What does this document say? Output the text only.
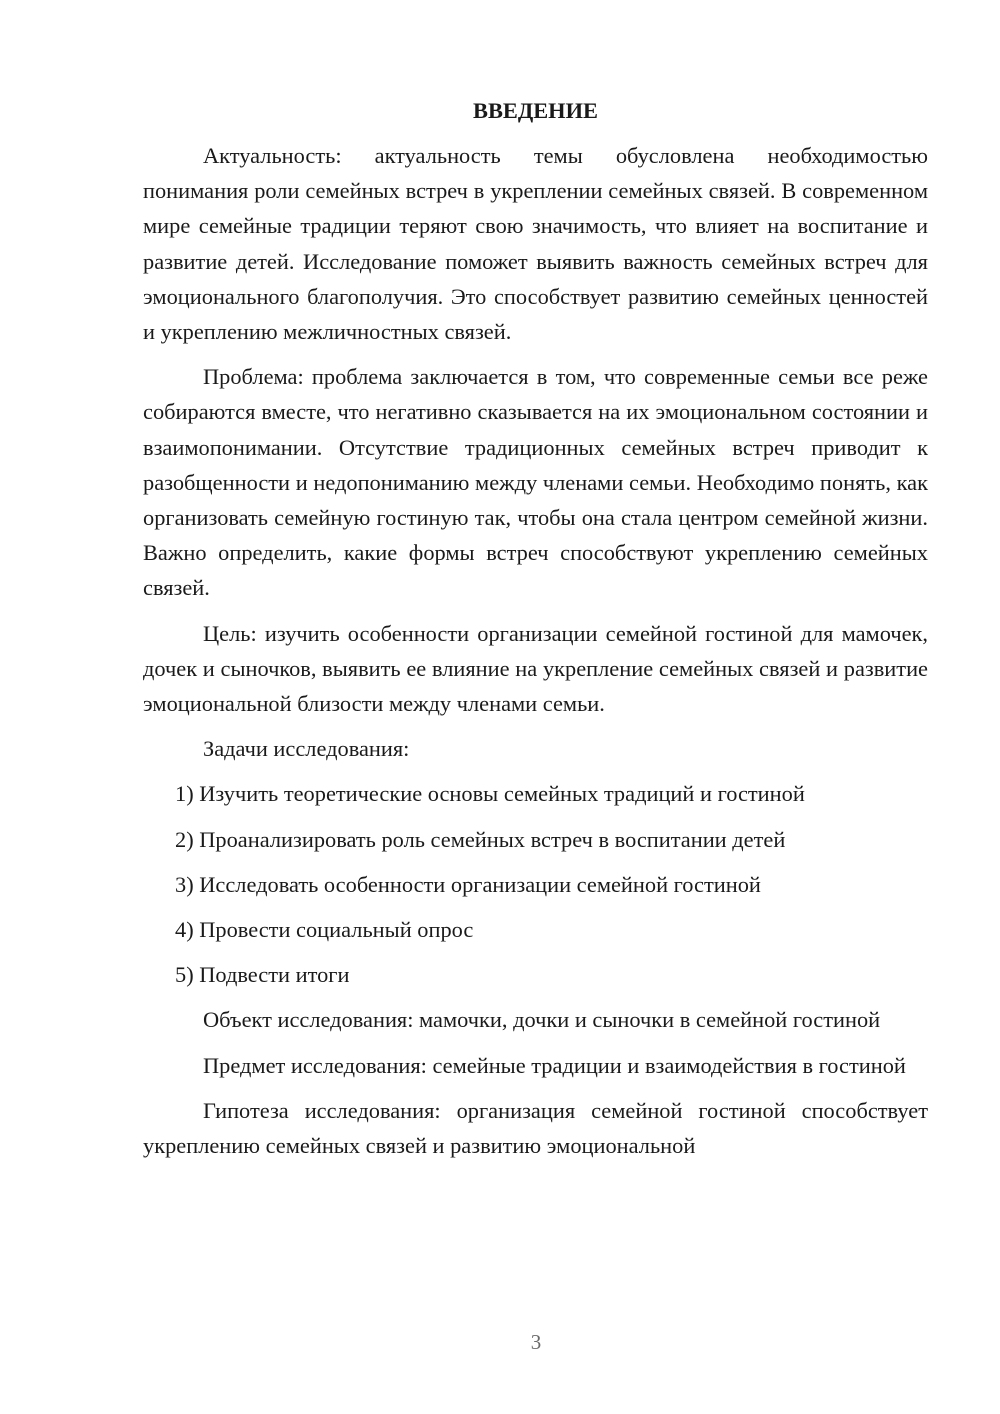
ВВЕДЕНИЕ

Актуальность: актуальность темы обусловлена необходимостью понимания роли семейных встреч в укреплении семейных связей. В современном мире семейные традиции теряют свою значимость, что влияет на воспитание и развитие детей. Исследование поможет выявить важность семейных встреч для эмоционального благополучия. Это способствует развитию семейных ценностей и укреплению межличностных связей.

Проблема: проблема заключается в том, что современные семьи все реже собираются вместе, что негативно сказывается на их эмоциональном состоянии и взаимопонимании. Отсутствие традиционных семейных встреч приводит к разобщенности и недопониманию между членами семьи. Необходимо понять, как организовать семейную гостиную так, чтобы она стала центром семейной жизни. Важно определить, какие формы встреч способствуют укреплению семейных связей.

Цель: изучить особенности организации семейной гостиной для мамочек, дочек и сыночков, выявить ее влияние на укрепление семейных связей и развитие эмоциональной близости между членами семьи.

Задачи исследования:

1) Изучить теоретические основы семейных традиций и гостиной
2) Проанализировать роль семейных встреч в воспитании детей
3) Исследовать особенности организации семейной гостиной
4) Провести социальный опрос
5) Подвести итоги

Объект исследования: мамочки, дочки и сыночки в семейной гостиной

Предмет исследования: семейные традиции и взаимодействия в гостиной

Гипотеза исследования: организация семейной гостиной способствует укреплению семейных связей и развитию эмоциональной

3
